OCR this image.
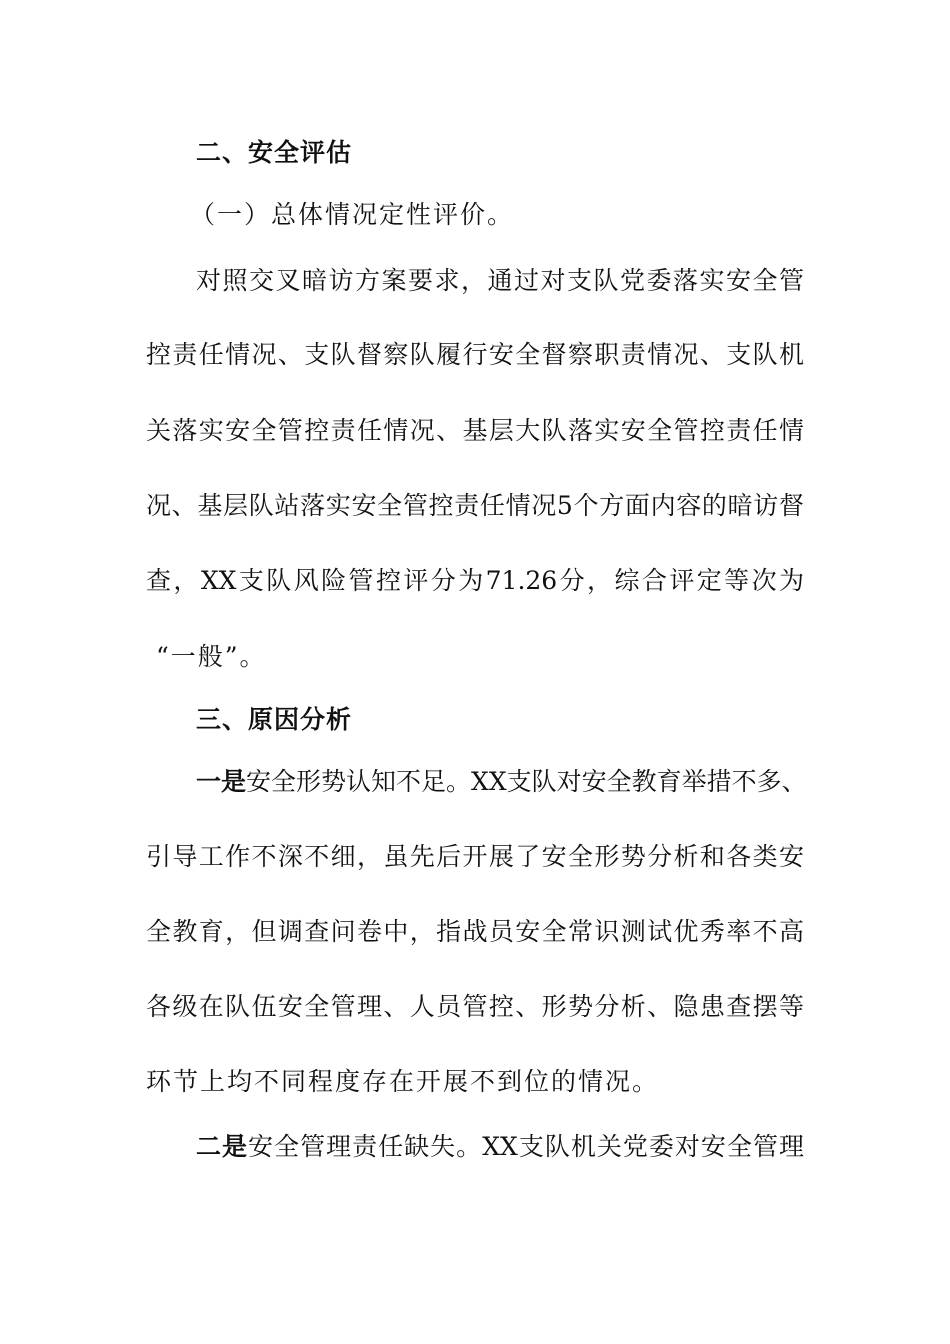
二、安全评估
（一）总体情况定性评价。
对照交叉暗访方案要求，通过对支队党委落实安全管
控责任情况、支队督察队履行安全督察职责情况、支队机
关落实安全管控责任情况、基层大队落实安全管控责任情
况、基层队站落实安全管控责任情况5个方面内容的暗访督
查，XX支队风险管控评分为71.26分，综合评定等次为
“一般”。
三、原因分析
一是安全形势认知不足。XX支队对安全教育举措不多、
引导工作不深不细，虽先后开展了安全形势分析和各类安
全教育，但调查问卷中，指战员安全常识测试优秀率不高
各级在队伍安全管理、人员管控、形势分析、隐患查摆等
环节上均不同程度存在开展不到位的情况。
二是安全管理责任缺失。XX支队机关党委对安全管理
